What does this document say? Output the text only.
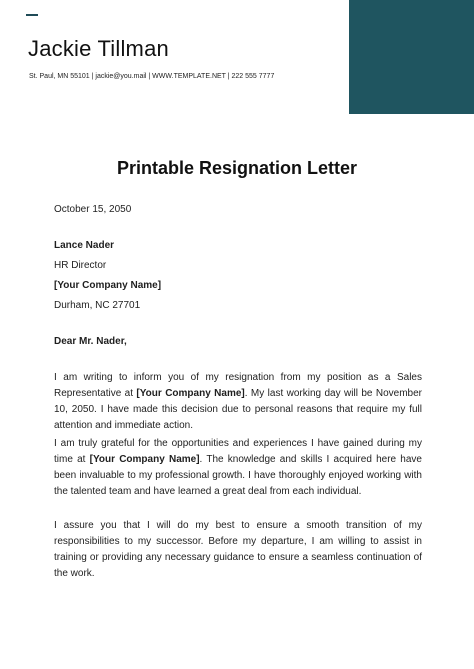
Jackie Tillman
St. Paul, MN 55101 | jackie@you.mail | WWW.TEMPLATE.NET | 222 555 7777
Printable Resignation Letter
October 15, 2050
Lance Nader
HR Director
[Your Company Name]
Durham, NC 27701
Dear Mr. Nader,
I am writing to inform you of my resignation from my position as a Sales Representative at [Your Company Name]. My last working day will be November 10, 2050. I have made this decision due to personal reasons that require my full attention and immediate action.
I am truly grateful for the opportunities and experiences I have gained during my time at [Your Company Name]. The knowledge and skills I acquired here have been invaluable to my professional growth. I have thoroughly enjoyed working with the talented team and have learned a great deal from each individual.
I assure you that I will do my best to ensure a smooth transition of my responsibilities to my successor. Before my departure, I am willing to assist in training or providing any necessary guidance to ensure a seamless continuation of the work.
